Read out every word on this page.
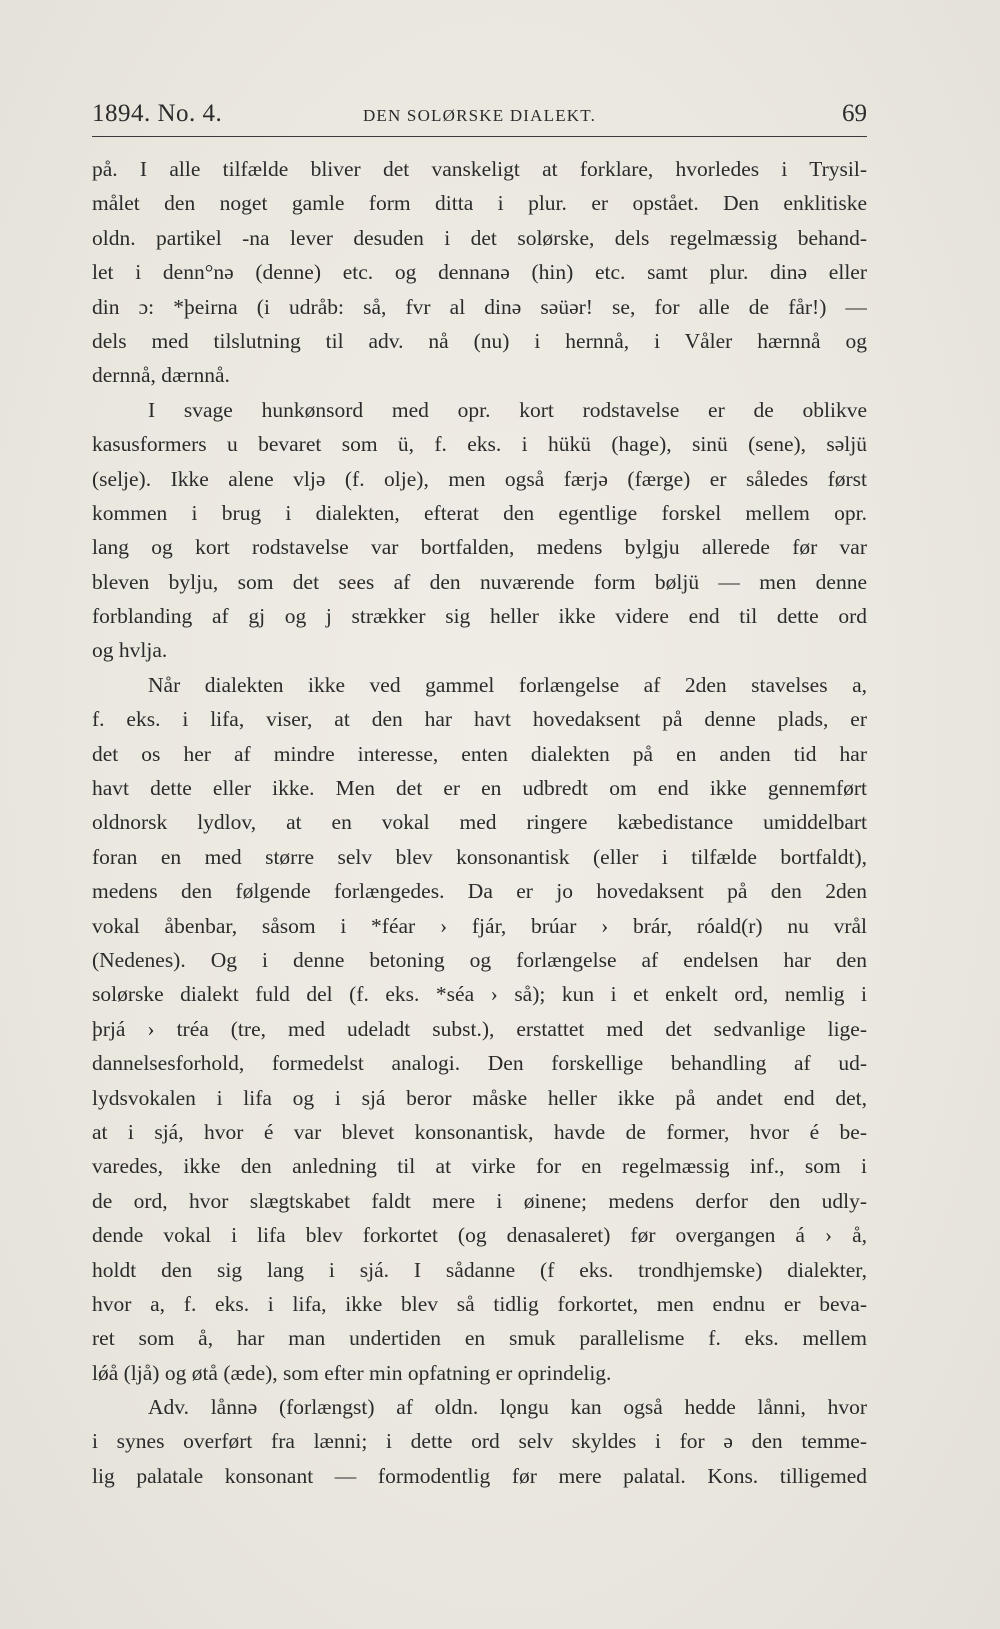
1894. No. 4.	DEN SOLØRSKE DIALEKT.	69
på. I alle tilfælde bliver det vanskeligt at forklare, hvorledes i Trysil-
målet den noget gamle form ditta i plur. er opstået. Den enklitiske
oldn. partikel -na lever desuden i det solørske, dels regelmæssig behand-
let i denn°nə (denne) etc. og dennanə (hin) etc. samt plur. dinə eller
din ɔ: *þeirna (i udråb: så, fvr al dinə səüər! se, for alle de får!) —
dels med tilslutning til adv. nå (nu) i hernnå, i Våler hærnnå og
dernnå, dærnnå.
I svage hunkønsord med opr. kort rodstavelse er de oblikve
kasusformers u bevaret som ü, f. eks. i hükü (hage), sinü (sene), səljü
(selje). Ikke alene vljə (f. olje), men også færjə (færge) er således først
kommen i brug i dialekten, efterat den egentlige forskel mellem opr.
lang og kort rodstavelse var bortfalden, medens bylgju allerede før var
bleven bylju, som det sees af den nuværende form bøljü — men denne
forblanding af gj og j strækker sig heller ikke videre end til dette ord
og hvlja.
Når dialekten ikke ved gammel forlængelse af 2den stavelses a,
f. eks. i lifa, viser, at den har havt hovedaksent på denne plads, er
det os her af mindre interesse, enten dialekten på en anden tid har
havt dette eller ikke. Men det er en udbredt om end ikke gennemført
oldnorsk lydlov, at en vokal med ringere kæbedistance umiddelbart
foran en med større selv blev konsonantisk (eller i tilfælde bortfaldt),
medens den følgende forlængedes. Da er jo hovedaksent på den 2den
vokal åbenbar, såsom i *féar › fjár, brúar › brár, róald(r) nu vrål
(Nedenes). Og i denne betoning og forlængelse af endelsen har den
solørske dialekt fuld del (f. eks. *séa › så); kun i et enkelt ord, nemlig i
þrjá › tréa (tre, med udeladt subst.), erstattet med det sedvanlige lige-
dannelsesforhold, formedelst analogi. Den forskellige behandling af ud-
lydsvokalen i lifa og i sjá beror måske heller ikke på andet end det,
at i sjá, hvor é var blevet konsonantisk, havde de former, hvor é be-
varedes, ikke den anledning til at virke for en regelmæssig inf., som i
de ord, hvor slægtskabet faldt mere i øinene; medens derfor den udly-
dende vokal i lifa blev forkortet (og denasaleret) før overgangen á › å,
holdt den sig lang i sjá. I sådanne (f eks. trondhjemske) dialekter,
hvor a, f. eks. i lifa, ikke blev så tidlig forkortet, men endnu er beva-
ret som å, har man undertiden en smuk parallelisme f. eks. mellem
lǿå (ljå) og øtå (æde), som efter min opfatning er oprindelig.
Adv. lånnə (forlængst) af oldn. lǫngu kan også hedde lånni, hvor
i synes overført fra lænni; i dette ord selv skyldes i for ə den temme-
lig palatale konsonant — formodentlig før mere palatal. Kons. tilligemed
